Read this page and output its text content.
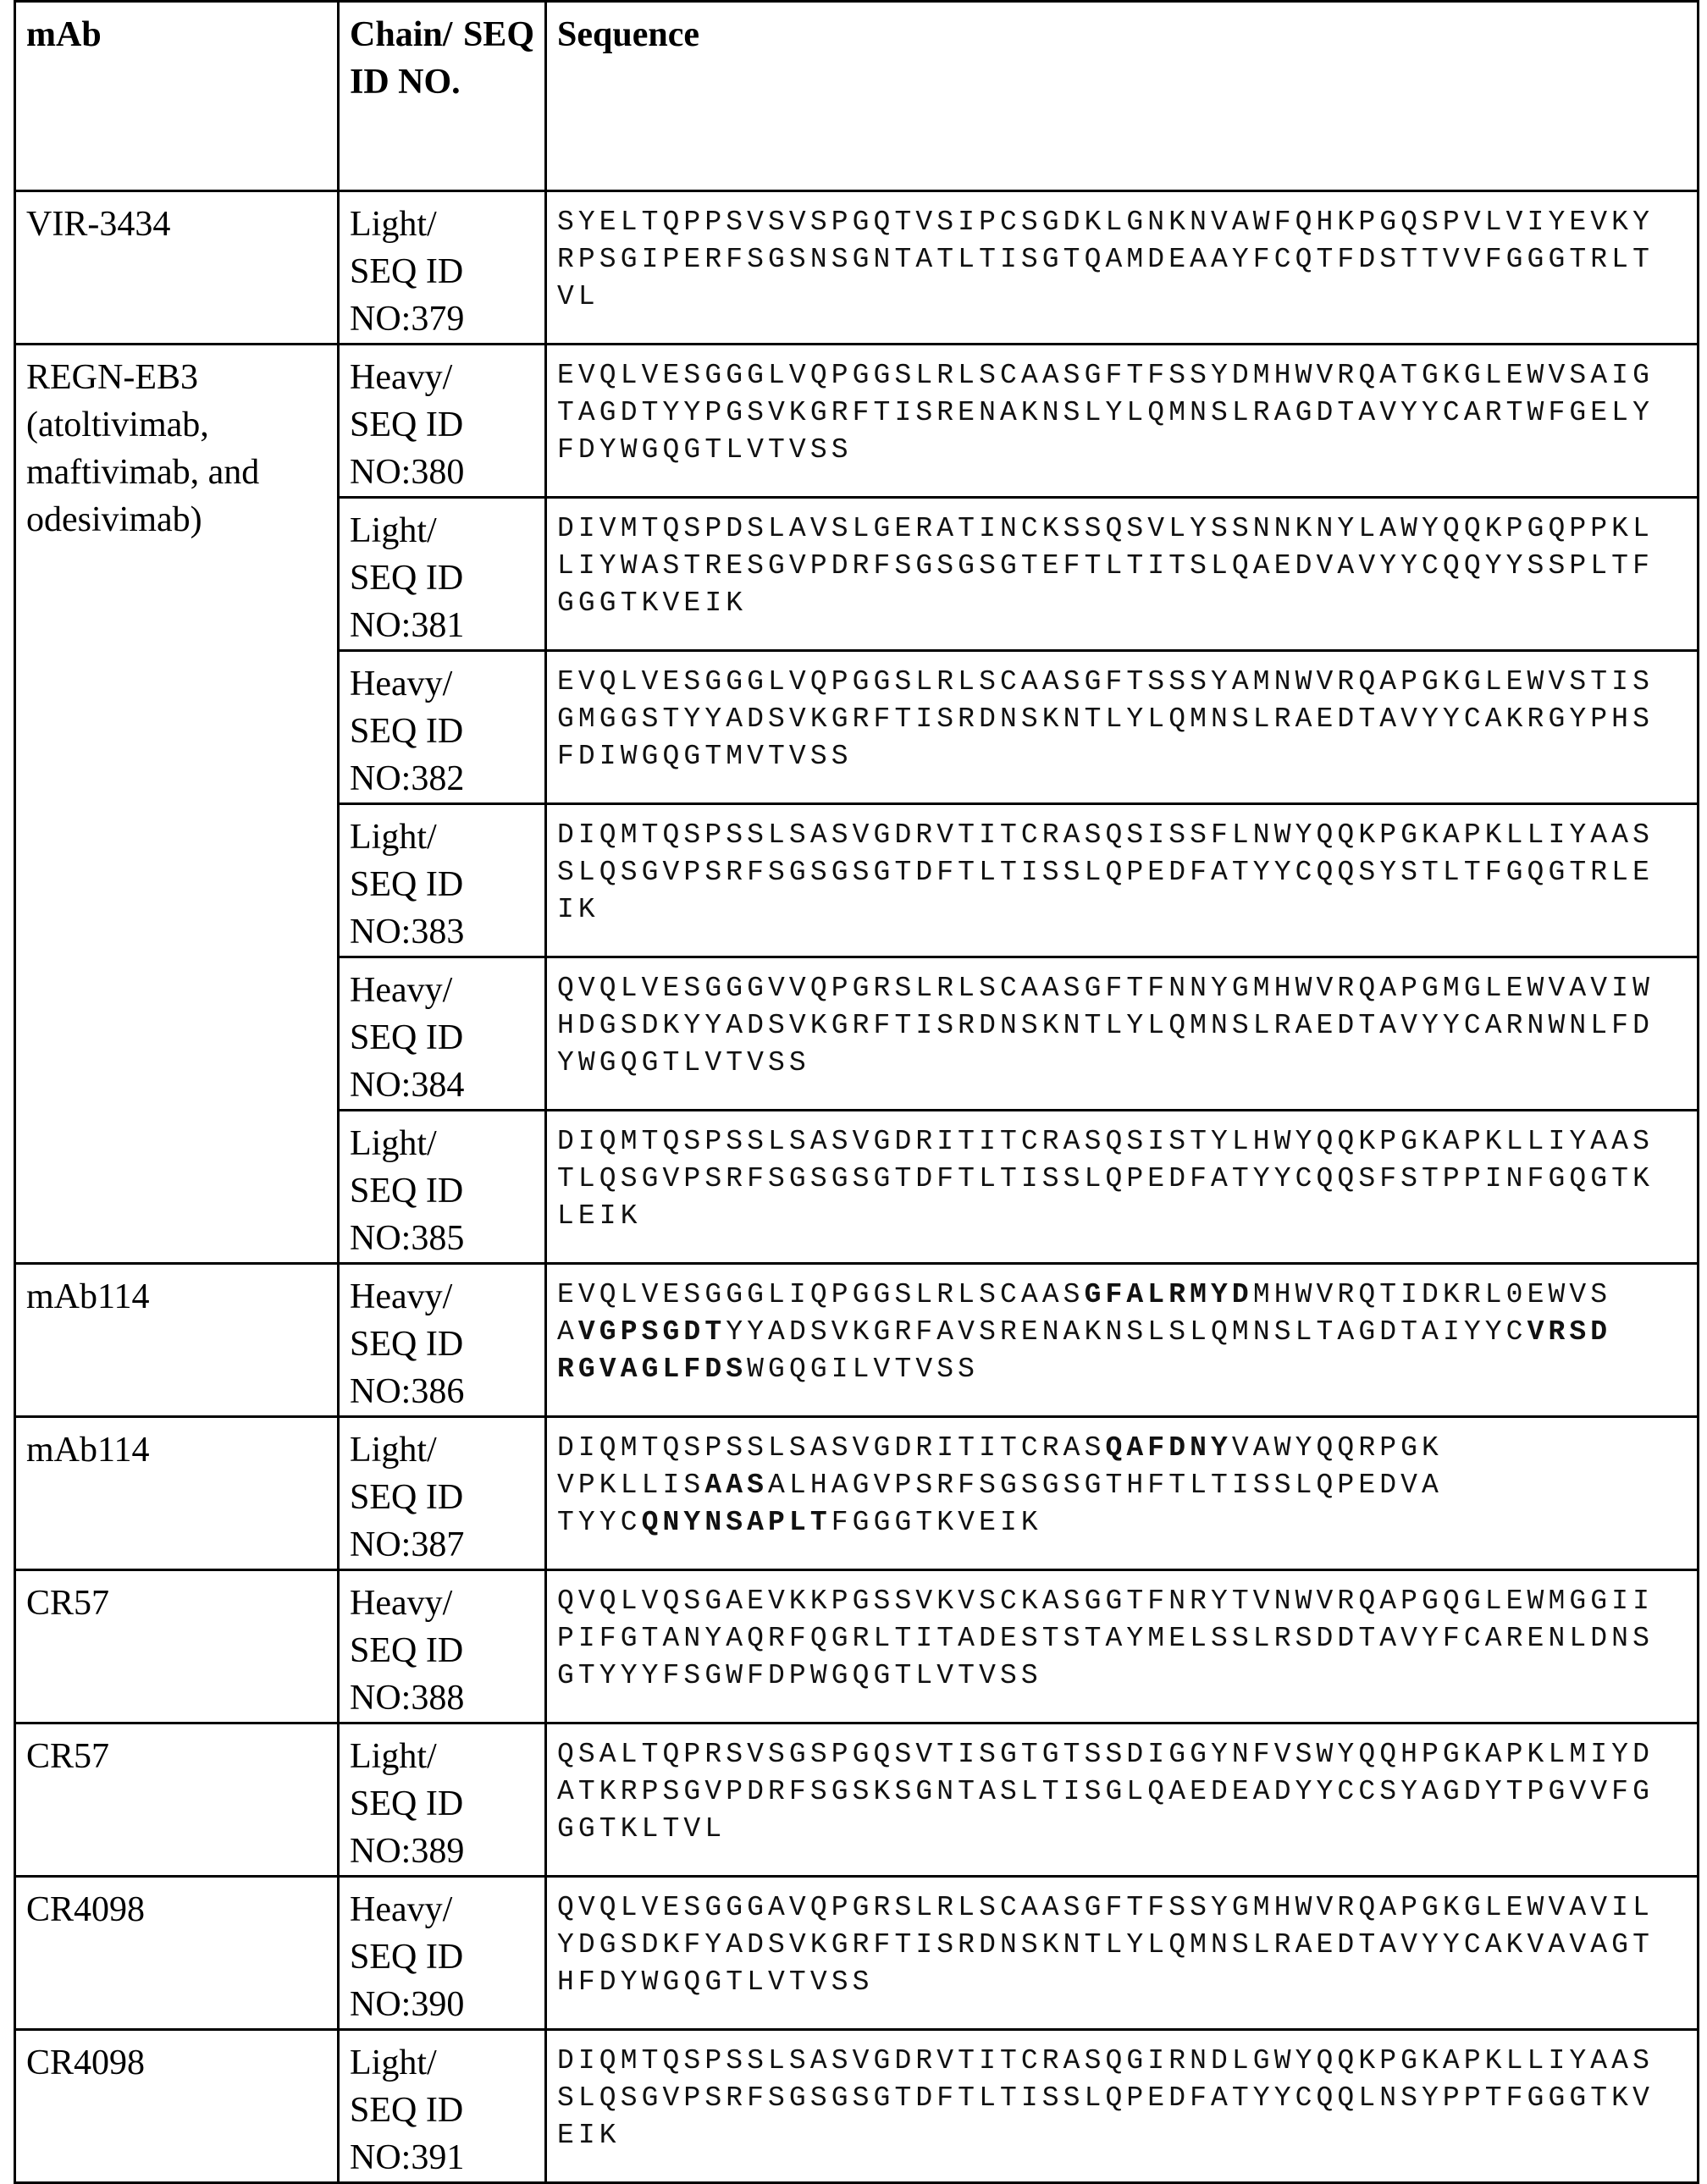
mAb	Chain/ SEQ ID NO.	Sequence
VIR-3434	Light/
SEQ ID NO:379

SYELTQPPSVSVSPGQTVSIPCSGDKLGNKNVAWFQHKPGQSPVLVIYEVKY
RPSGIPERFSGSNSGNTATLTISGTQAMDEAAYFCQTFDSTTVVFGGGTRLT
VL

REGN-EB3 (atoltivimab, maftivimab, and odesivimab)	
Heavy/
SEQ ID NO:380

EVQLVESGGGLVQPGGSLRLSCAASGFTFSSYDMHWVRQATGKGLEWVSAIG
TAGDTYYPGSVKGRFTISRENAKNSLYLQMNSLRAGDTAVYYCARTWFGELY
FDYWGQGTLVTVSS

Light/
SEQ ID NO:381

DIVMTQSPDSLAVSLGERATINCKSSQSVLYSSNNKNYLAWYQQKPGQPPKL
LIYWASTRESGVPDRFSGSGSGTEFTLTITSLQAEDVAVYYCQQYYSSPLTF
GGGTKVEIK

Heavy/
SEQ ID NO:382

EVQLVESGGGLVQPGGSLRLSCAASGFTSSSYAMNWVRQAPGKGLEWVSTIS
GMGGSTYYADSVKGRFTISRDNSKNTLYLQMNSLRAEDTAVYYCAKRGYPHS
FDIWGQGTMVTVSS

Light/
SEQ ID NO:383

DIQMTQSPSSLSASVGDRVTITCRASQSISSFLNWYQQKPGKAPKLLIYAAS
SLQSGVPSRFSGSGSGTDFTLTISSLQPEDFATYYCQQSYSTLTFGQGTRLE
IK

Heavy/
SEQ ID NO:384

QVQLVESGGGVVQPGRSLRLSCAASGFTFNNYGMHWVRQAPGMGLEWVAVIW
HDGSDKYYADSVKGRFTISRDNSKNTLYLQMNSLRAEDTAVYYCARNWNLFD
YWGQGTLVTVSS

Light/
SEQ ID NO:385

DIQMTQSPSSLSASVGDRITITCRASQSISTYLHWYQQKPGKAPKLLIYAAS
TLQSGVPSRFSGSGSGTDFTLTISSLQPEDFATYYCQQSFSTPPINFGQGTK
LEIK

mAb114	Heavy/
SEQ ID NO:386

EVQLVESGGGLIQPGGSLRLSCAASGFALRMYDMHWVRQTIDKRL0EWVS
AVGPSGDTYYADSVKGRFAVSRENAKNSLSLQMNSLTAGDTAIYYCVRSD
RGVAGLFDSWGQGILVTVSS

mAb114	Light/
SEQ ID NO:387

DIQMTQSPSSLSASVGDRITITCRASQAFDNYVAWYQQRPGK
VPKLLISAASALHAGVPSRFSGSGSGTHFTLTISSLQPEDVA
TYYCQNYNSAPLTFGGGTKVEIK

CR57	Heavy/
SEQ ID NO:388

QVQLVQSGAEVKKPGSSVKVSCKASGGTFNRYTVNWVRQAPGQGLEWMGGII
PIFGTANYAQRFQGRLTITADESTSTAYMELSSLRSDDTAVYFCARENLDNS
GTYYYFSGWFDPWGQGTLVTVSS

CR57	Light/
SEQ ID NO:389

QSALTQPRSVSGSPGQSVTISGTGTSSDIGGYNFVSWYQQHPGKAPKLMIYD
ATKRPSGVPDRFSGSKSGNTASLTISGLQAEDEADYYCCSYAGDYTPGVVFG
GGTKLTVL

CR4098	Heavy/
SEQ ID NO:390

QVQLVESGGGAVQPGRSLRLSCAASGFTFSSYGMHWVRQAPGKGLEWVAVIL
YDGSDKFYADSVKGRFTISRDNSKNTLYLQMNSLRAEDTAVYYCAKVAVAGT
HFDYWGQGTLVTVSS

CR4098	Light/
SEQ ID NO:391

DIQMTQSPSSLSASVGDRVTITCRASQGIRNDLGWYQQKPGKAPKLLIYAAS
SLQSGVPSRFSGSGSGTDFTLTISSLQPEDFATYYCQQLNSYPPTFGGGTKV
EIK
